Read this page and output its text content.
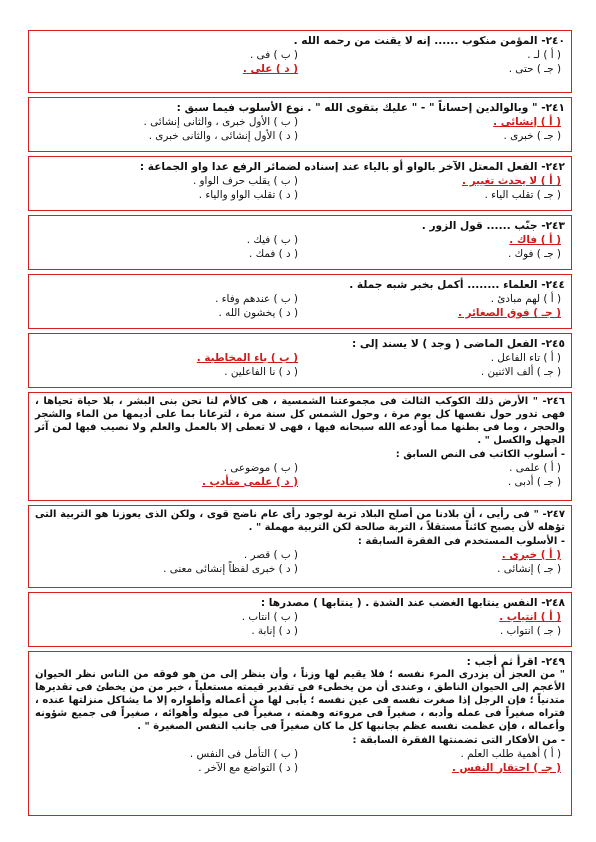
٢٤٠- المؤمن منكوب ...... إنه لا يقنت من رحمه الله .
( أ ) لـ .
( ب ) فى .
( جـ ) حتى .
( د ) على .
٢٤١- " وبالوالدين إحساناً " - " عليك بتقوى الله " . نوع الأسلوب فيما سبق :
( أ ) إنشائى .
( ب ) الأول خبرى ، والثانى إنشائى .
( جـ ) خبرى .
( د ) الأول إنشائى ، والثانى خبرى .
٢٤٢- الفعل المعتل الآخر بالواو أو بالياء عند إسناده لضمائر الرفع عدا واو الجماعة :
( أ ) لا يحدث تغيير .
( ب ) يقلب حرف الواو .
( جـ ) تقلب الياء .
( د ) تقلب الواو والياء .
٢٤٣- جنّب ...... قول الزور .
( أ ) فاك .
( ب ) فيك .
( جـ ) فوك .
( د ) فمك .
٢٤٤- العلماء ........ أكمل بخبر شبه جملة .
( أ ) لهم مبادئ .
( ب ) عندهم وفاء .
( جـ ) فوق الصغائر .
( د ) يخشون الله .
٢٤٥- الفعل الماضى ( وجد ) لا يسند إلى :
( أ ) تاء الفاعل .
( ب ) ياء المخاطبة .
( جـ ) ألف الاثنين .
( د ) نا الفاعلين .
٢٤٦- " الأرض ذلك الكوكب الثالث فى مجموعتنا الشمسية ، هى كالأم لنا نحن بنى البشر ، بلا حياة تحياها ، فهى تدور حول نفسها كل يوم مرة ، وحول الشمس كل سنة مرة ، لترعانا بما على أديمها من الماء والشجر والحجر ، وما فى بطنها مما أودعه الله سبحانه فيها ، فهى لا تعطى إلا بالعمل والعلم ولا نصيب فيها لمن آثر الجهل والكسل " .
- أسلوب الكاتب فى النص السابق :
( أ ) علمى .
( ب ) موضوعى .
( جـ ) أدبى .
( د ) علمى متأدب .
٢٤٧- " فى رأيى ، أن بلادنا من أصلح البلاد تربة لوجود رأى عام ناضج قوى ، ولكن الذى يعوزنا هو التربية التى تؤهله لأن يصبح كائناً مستقلاً ، التربة صالحة لكن التربية مهملة " .
- الأسلوب المستخدم فى الفقرة السابقة :
( أ ) خبرى .
( ب ) قصر .
( جـ ) إنشائى .
( د ) خبرى لفظاً إنشائى معنى .
٢٤٨- النفس ينتابها الغضب عند الشدة . ( ينتابها ) مصدرها :
( أ ) انتياب .
( ب ) انتاب .
( جـ ) انتواب .
( د ) إنابة .
٢٤٩- اقرأ ثم أجب :
" من العجز أن يزدرى المرء نفسه ؛ فلا يقيم لها وزناً ، وأن ينظر إلى من هو فوقه من الناس نظر الحيوان الأعجم إلى الحيوان الناطق ، وعندى أن من يخطىء فى تقدير قيمته مستعلياً ، خير من من يخطئ فى تقديرها متدنياً ؛ فإن الرجل إذا صغرت نفسه فى عين نفسه ؛ يأبى لها من أعماله وأطواره إلا ما يشاكل منزلتها عنده ، فتراه صغيراً فى عمله وأدبه ، صغيراً فى مروءته وهمته ، صغيراً فى ميوله وأهوائه ، صغيراً فى جميع شؤونه وأعماله ، فإن عظمت نفسه عظم بجانبها كل ما كان صغيراً فى جانب النفس الصغيرة " .
- من الأفكار التى تضمنتها الفقرة السابقة :
( أ ) أهمية طلب العلم .
( ب ) التأمل فى النفس .
( جـ ) احتقار النفس .
( د ) التواضع مع الآخر .
